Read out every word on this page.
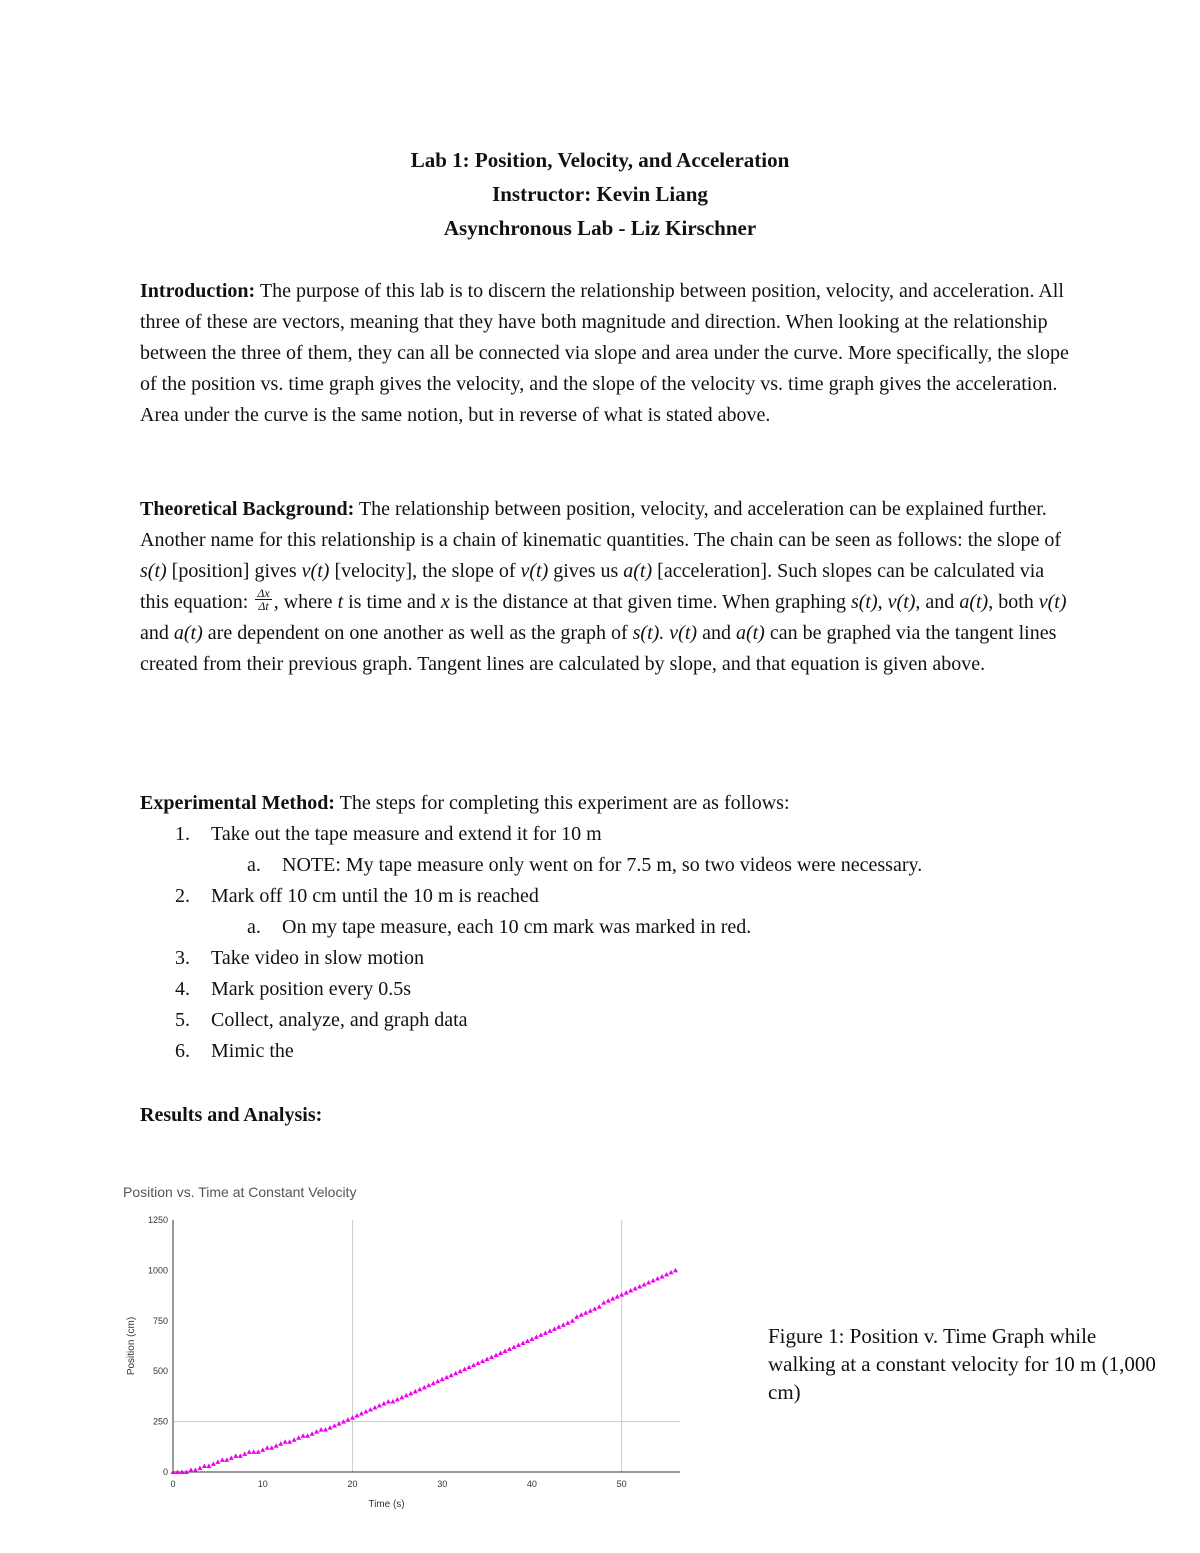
Lab 1: Position, Velocity, and Acceleration
Instructor: Kevin Liang
Asynchronous Lab - Liz Kirschner
Introduction: The purpose of this lab is to discern the relationship between position, velocity, and acceleration. All three of these are vectors, meaning that they have both magnitude and direction. When looking at the relationship between the three of them, they can all be connected via slope and area under the curve. More specifically, the slope of the position vs. time graph gives the velocity, and the slope of the velocity vs. time graph gives the acceleration. Area under the curve is the same notion, but in reverse of what is stated above.
Theoretical Background: The relationship between position, velocity, and acceleration can be explained further. Another name for this relationship is a chain of kinematic quantities. The chain can be seen as follows: the slope of s(t) [position] gives v(t) [velocity], the slope of v(t) gives us a(t) [acceleration]. Such slopes can be calculated via this equation: $\frac{\Delta x}{\Delta t}$ , where t is time and x is the distance at that given time. When graphing s(t), v(t), and a(t), both v(t) and a(t) are dependent on one another as well as the graph of s(t). v(t) and a(t) can be graphed via the tangent lines created from their previous graph. Tangent lines are calculated by slope, and that equation is given above.
Experimental Method: The steps for completing this experiment are as follows:
1. Take out the tape measure and extend it for 10 m
a. NOTE: My tape measure only went on for 7.5 m, so two videos were necessary.
2. Mark off 10 cm until the 10 m is reached
a. On my tape measure, each 10 cm mark was marked in red.
3. Take video in slow motion
4. Mark position every 0.5s
5. Collect, analyze, and graph data
6. Mimic the
Results and Analysis:
Position vs. Time at Constant Velocity
250
500
750
1000
1250
0
0	10	20	30	40	50
Time (s)
Position (cm)	Figure 1: Position v. Time Graph while walking at a constant velocity for 10 m (1,000 cm)
